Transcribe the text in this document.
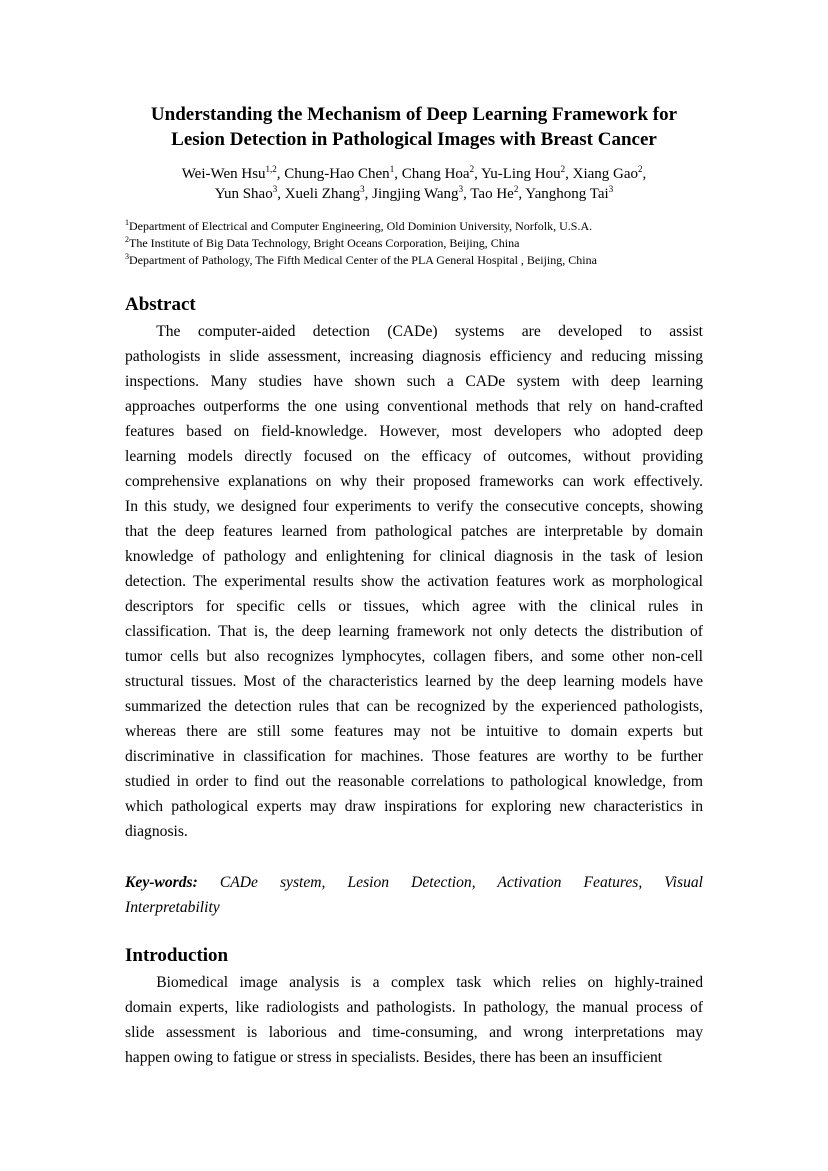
Understanding the Mechanism of Deep Learning Framework for
Lesion Detection in Pathological Images with Breast Cancer
Wei-Wen Hsu$^{1,2}$, Chung-Hao Chen$^1$, Chang Hoa$^2$, Yu-Ling Hou$^2$, Xiang Gao$^2$,
Yun Shao$^3$, Xueli Zhang$^3$, Jingjing Wang$^3$, Tao He$^2$, Yanghong Tai$^3$
$^1$Department of Electrical and Computer Engineering, Old Dominion University, Norfolk, U.S.A.
$^2$The Institute of Big Data Technology, Bright Oceans Corporation, Beijing, China
$^3$Department of Pathology, The Fifth Medical Center of the PLA General Hospital , Beijing, China
Abstract
  The computer-aided detection (CADe) systems are developed to assist
pathologists in slide assessment, increasing diagnosis efficiency and reducing missing
inspections. Many studies have shown such a CADe system with deep learning
approaches outperforms the one using conventional methods that rely on hand-crafted
features based on field-knowledge. However, most developers who adopted deep
learning models directly focused on the efficacy of outcomes, without providing
comprehensive explanations on why their proposed frameworks can work effectively.
In this study, we designed four experiments to verify the consecutive concepts, showing
that the deep features learned from pathological patches are interpretable by domain
knowledge of pathology and enlightening for clinical diagnosis in the task of lesion
detection. The experimental results show the activation features work as morphological
descriptors for specific cells or tissues, which agree with the clinical rules in
classification. That is, the deep learning framework not only detects the distribution of
tumor cells but also recognizes lymphocytes, collagen fibers, and some other non-cell
structural tissues. Most of the characteristics learned by the deep learning models have
summarized the detection rules that can be recognized by the experienced pathologists,
whereas there are still some features may not be intuitive to domain experts but
discriminative in classification for machines. Those features are worthy to be further
studied in order to find out the reasonable correlations to pathological knowledge, from
which pathological experts may draw inspirations for exploring new characteristics in
diagnosis.
Key-words: CADe system, Lesion Detection, Activation Features, Visual
Interpretability
Introduction
  Biomedical image analysis is a complex task which relies on highly-trained
domain experts, like radiologists and pathologists. In pathology, the manual process of
slide assessment is laborious and time-consuming, and wrong interpretations may
happen owing to fatigue or stress in specialists. Besides, there has been an insufficient
